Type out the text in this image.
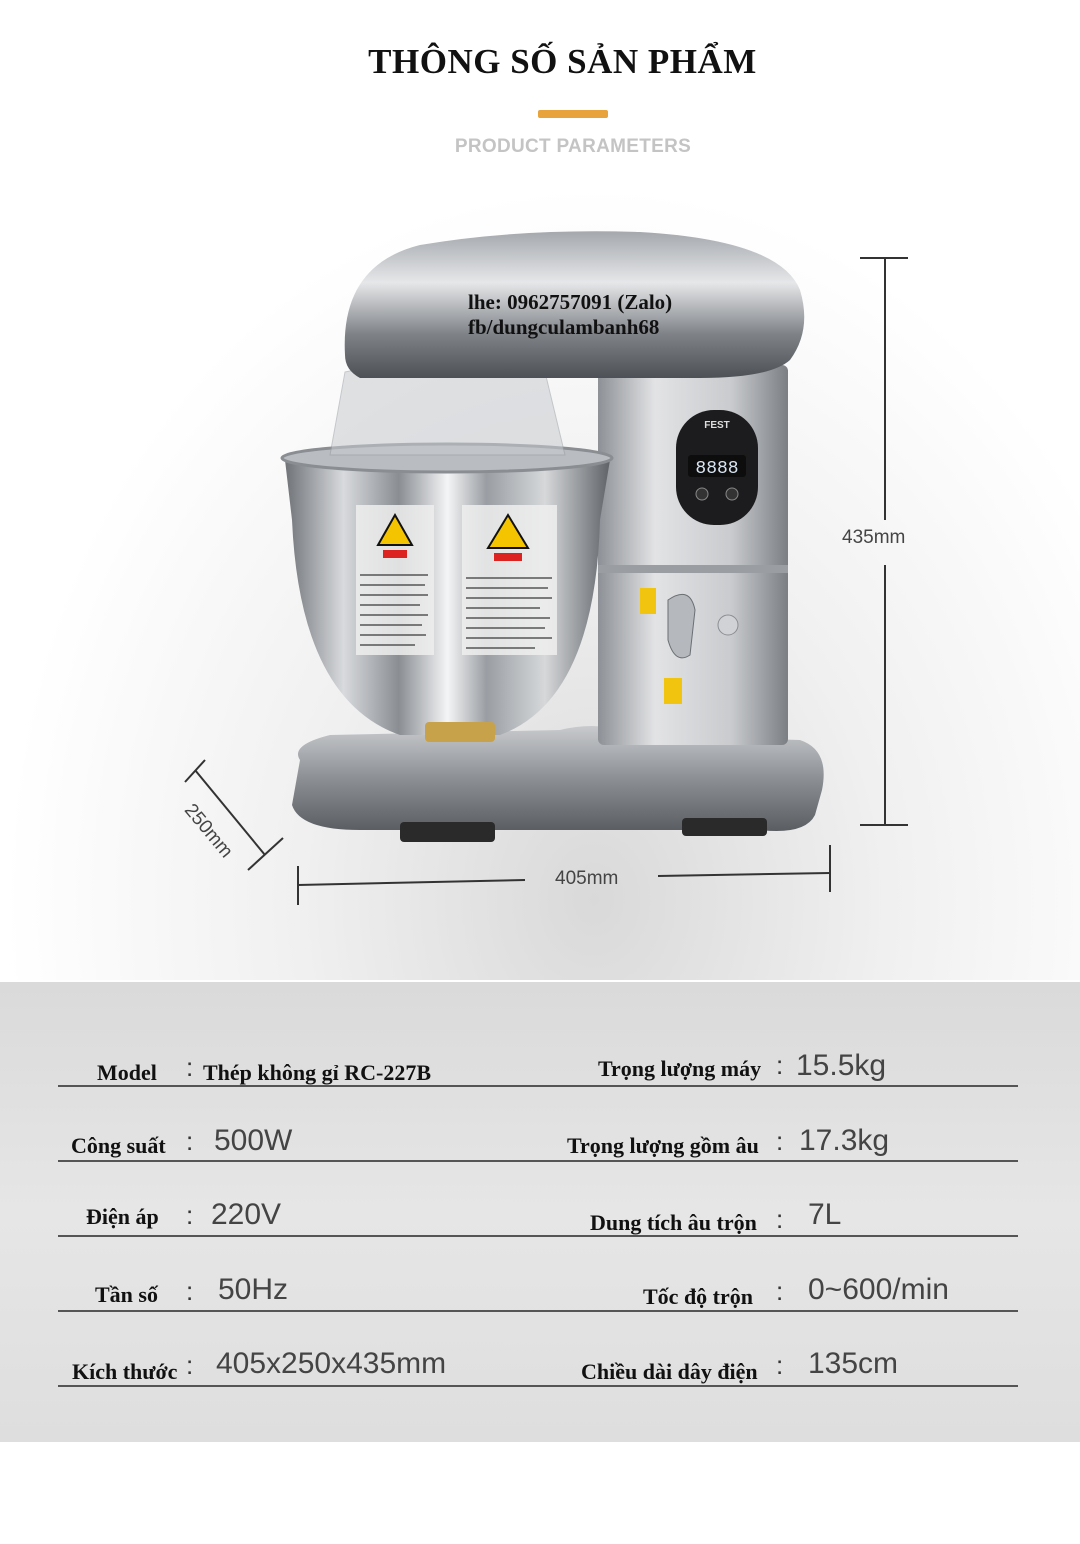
THÔNG SỐ SẢN PHẨM
PRODUCT PARAMETERS
FEST
8888
lhe: 0962757091 (Zalo)
fb/dungculambanh68
435mm
405mm
250mm
Model : Thép không gỉ RC-227B	Trọng lượng máy : 15.5kg
Công suất : 500W	Trọng lượng gồm âu : 17.3kg
Điện áp : 220V	Dung tích âu trộn : 7L
Tần số : 50Hz	Tốc độ trộn : 0~600/min
Kích thước : 405x250x435mm	Chiều dài dây điện : 135cm
